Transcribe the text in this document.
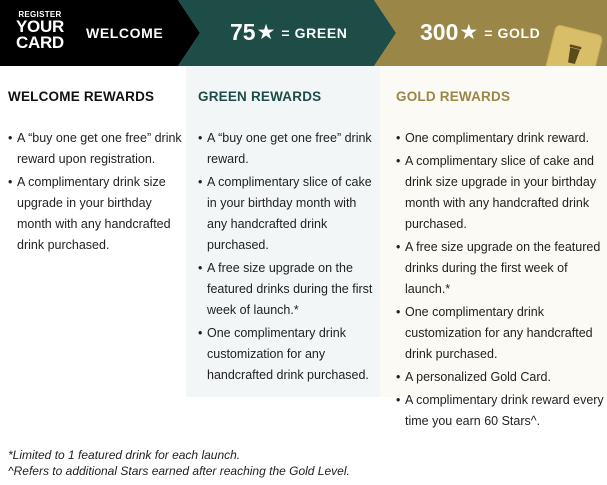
REGISTER
YOUR
CARD
WELCOME	75 ★ = GREEN	300 ★ = GOLD
WELCOME REWARDS
• A “buy one get one free” drink reward upon registration.
• A complimentary drink size upgrade in your birthday month with any handcrafted drink purchased.
GREEN REWARDS
• A “buy one get one free” drink reward.
• A complimentary slice of cake in your birthday month with any handcrafted drink purchased.
• A free size upgrade on the featured drinks during the first week of launch.*
• One complimentary drink customization for any handcrafted drink purchased.
GOLD REWARDS
• One complimentary drink reward.
• A complimentary slice of cake and drink size upgrade in your birthday month with any handcrafted drink purchased.
• A free size upgrade on the featured drinks during the first week of launch.*
• One complimentary drink customization for any handcrafted drink purchased.
• A personalized Gold Card.
• A complimentary drink reward every time you earn 60 Stars^.

*Limited to 1 featured drink for each launch.

^Refers to additional Stars earned after reaching the Gold Level.
